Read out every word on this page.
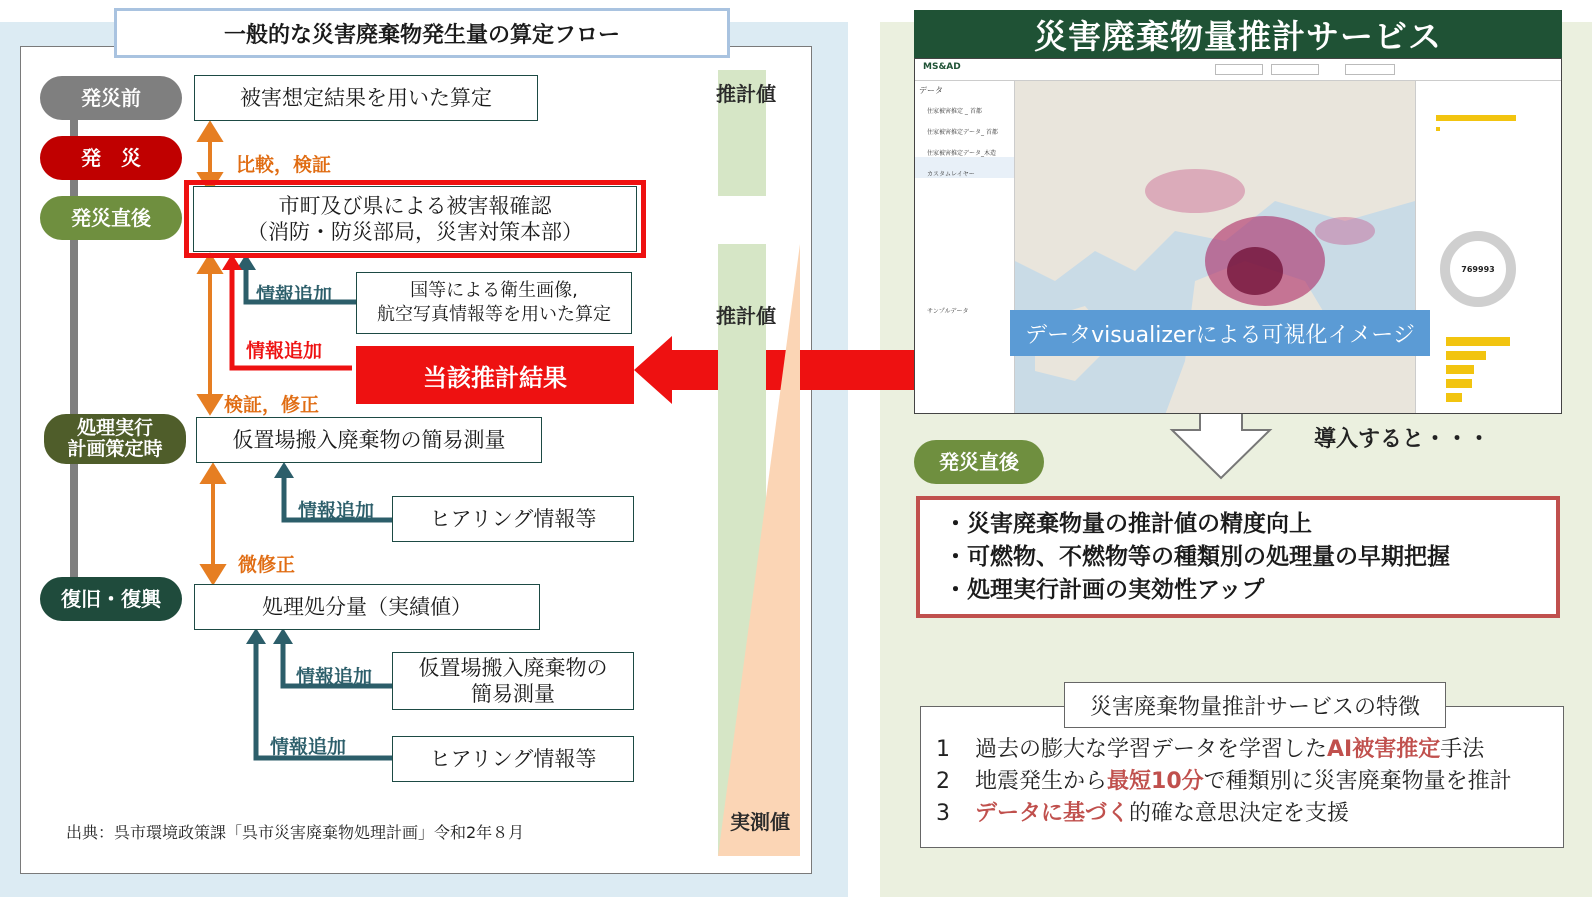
一般的な災害廃棄物発生量の算定フロー
発災前
発　災
発災直後
処理実行
計画策定時
復旧・復興
被害想定結果を用いた算定
市町及び県による被害報確認
（消防・防災部局，災害対策本部）
国等による衛生画像,
航空写真情報等を用いた算定
当該推計結果
仮置場搬入廃棄物の簡易測量
ヒアリング情報等
処理処分量（実績値）
仮置場搬入廃棄物の
簡易測量
ヒアリング情報等
比較，検証
情報追加
情報追加
検証，修正
情報追加
微修正
情報追加
情報追加
推計値
推計値
実測値
出典：呉市環境政策課「呉市災害廃棄物処理計画」令和2年８月
災害廃棄物量推計サービス
MS&AD
データ
住家被害推定 _ 首都
住家被害推定データ_ 首都
住家被害推定データ_木造
カスタムレイヤー
サンプルデータ
769993
データvisualizerによる可視化イメージ
導入すると・・・
発災直後
・災害廃棄物量の推計値の精度向上
・可燃物、不燃物等の種類別の処理量の早期把握
・処理実行計画の実効性アップ
災害廃棄物量推計サービスの特徴
1 過去の膨大な学習データを学習したAI被害推定手法
2 地震発生から最短10分で種類別に災害廃棄物量を推計
3 データに基づく的確な意思決定を支援
